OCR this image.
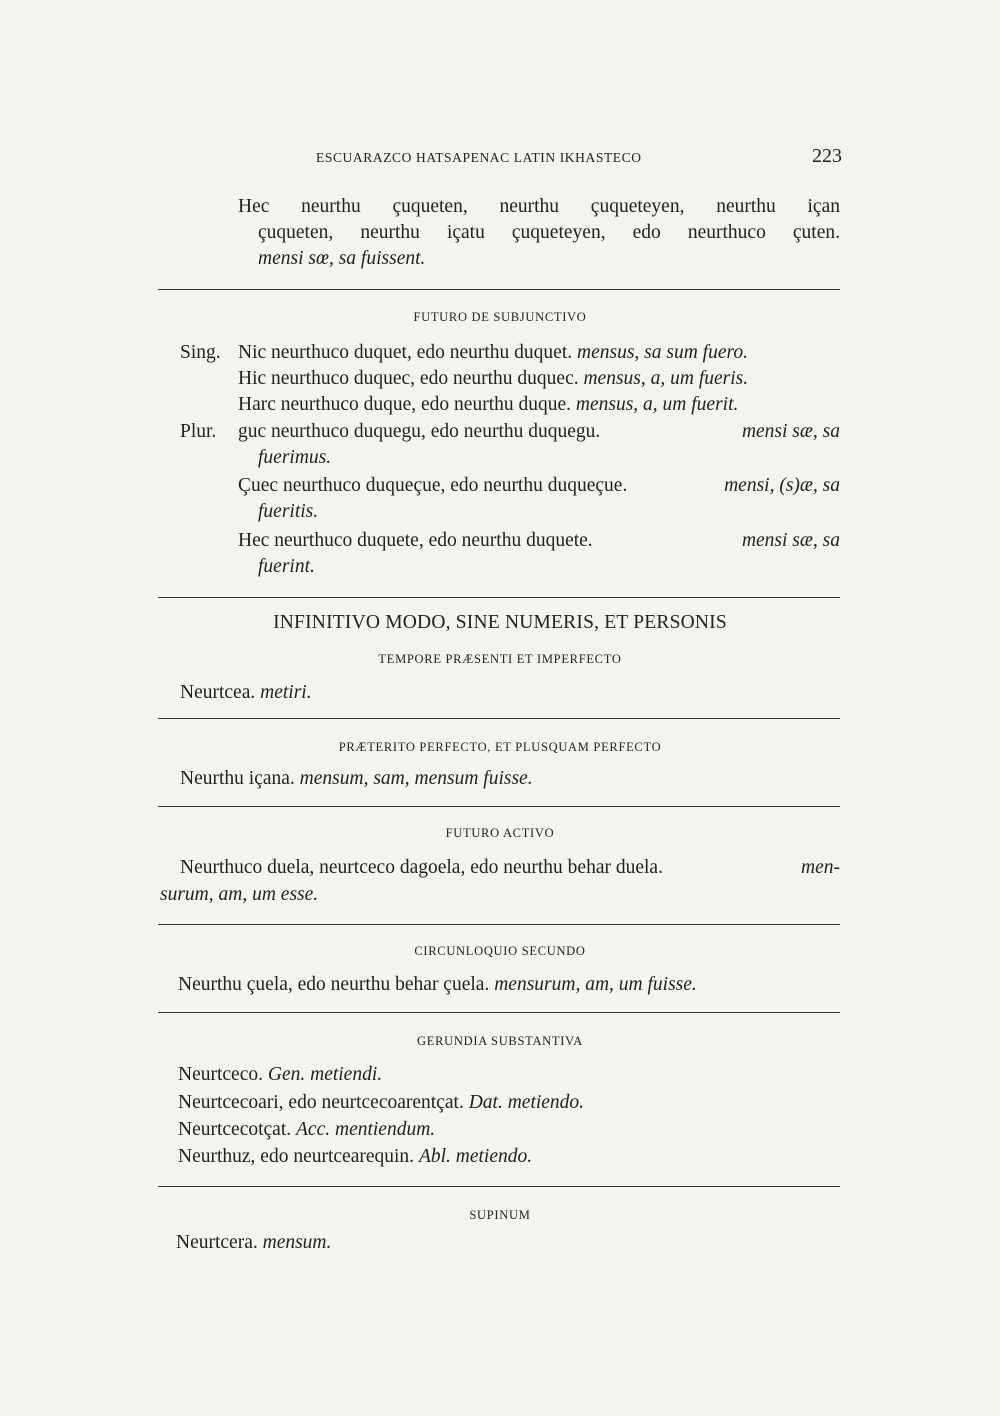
ESCUARAZCO HATSAPENAC LATIN IKHASTECO	223
Hec neurthu çuqueten, neurthu çuqueteyen, neurthu içan
çuqueten, neurthu içatu çuqueteyen, edo neurthuco çuten.
mensi sœ, sa fuissent.
FUTURO DE SUBJUNCTIVO
Sing. Nic neurthuco duquet, edo neurthu duquet. mensus, sa sum fuero.
Hic neurthuco duquec, edo neurthu duquec. mensus, a, um fueris.
Harc neurthuco duque, edo neurthu duque. mensus, a, um fuerit.
Plur. guc neurthuco duquegu, edo neurthu duquegu.	mensi sæ, sa
fuerimus.
Çuec neurthuco duqueçue, edo neurthu duqueçue.	mensi, (s)æ, sa
fueritis.
Hec neurthuco duquete, edo neurthu duquete.	mensi sæ, sa
fuerint.
INFINITIVO MODO, SINE NUMERIS, ET PERSONIS
TEMPORE PRÆSENTI ET IMPERFECTO
Neurtcea. metiri.
PRÆTERITO PERFECTO, ET PLUSQUAM PERFECTO
Neurthu içana. mensum, sam, mensum fuisse.
FUTURO ACTIVO
Neurthuco duela, neurtceco dagoela, edo neurthu behar duela.	men-
surum, am, um esse.
CIRCUNLOQUIO SECUNDO
Neurthu çuela, edo neurthu behar çuela. mensurum, am, um fuisse.
GERUNDIA SUBSTANTIVA
Neurtceco. Gen. metiendi.
Neurtcecoari, edo neurtcecoarentçat. Dat. metiendo.
Neurtcecotçat. Acc. mentiendum.
Neurthuz, edo neurtcearequin. Abl. metiendo.
SUPINUM
Neurtcera. mensum.
